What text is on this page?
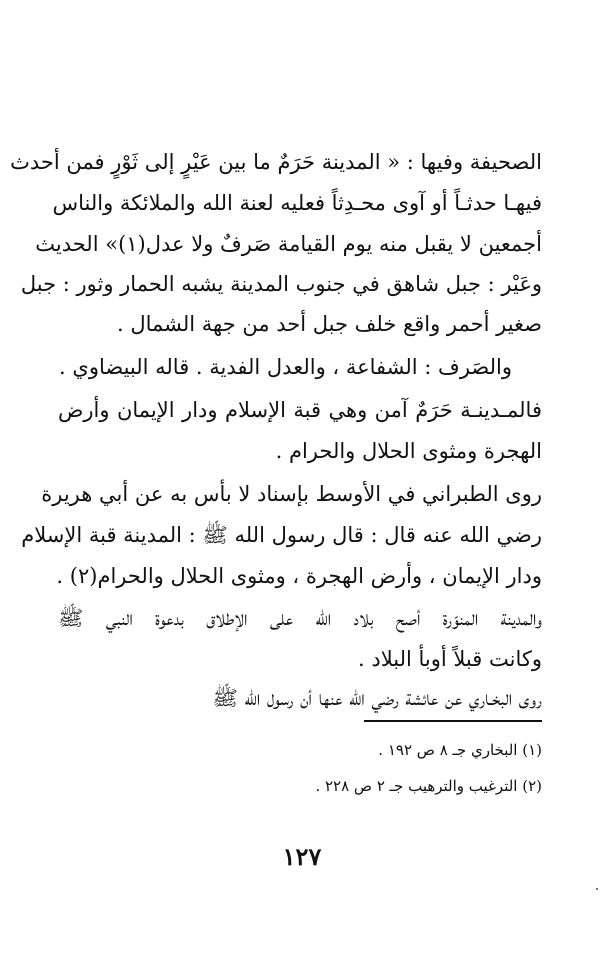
الصحيفة وفيها : « المدينة حَرَمٌ ما بين عَيْرٍ إلى ثَوْرٍ فمن أحدث
فيهـا حدثـاً أو آوى محـدِثاً فعليه لعنة الله والملائكة والناس
أجمعين لا يقبل منه يوم القيامة صَرفٌ ولا عدل(١)» الحديث
وعَيْر : جبل شاهق في جنوب المدينة يشبه الحمار وثور : جبل
صغير أحمر واقع خلف جبل أحد من جهة الشمال .
والصَرف : الشفاعة ، والعدل الفدية . قاله البيضاوي .
فالمـدينـة حَرَمٌ آمن وهي قبة الإسلام ودار الإيمان وأرض
الهجرة ومثوى الحلال والحرام .
روى الطبراني في الأوسط بإسناد لا بأس به عن أبي هريرة
رضي الله عنه قال : قال رسول الله ﷺ : المدينة قبة الإسلام
ودار الإيمان ، وأرض الهجرة ، ومثوى الحلال والحرام(٢) .
والمدينة المنوّرة أصح بلاد الله على الإطلاق بدعوة النبي ﷺ
وكانت قبلاً أوبأ البلاد .
روى البخـاري عن عائشة رضي الله عنها أن رسول الله ﷺ
(١) البخاري جـ ٨ ص ١٩٢ .
(٢) الترغيب والترهيب جـ ٢ ص ٢٢٨ .
١٢٧
